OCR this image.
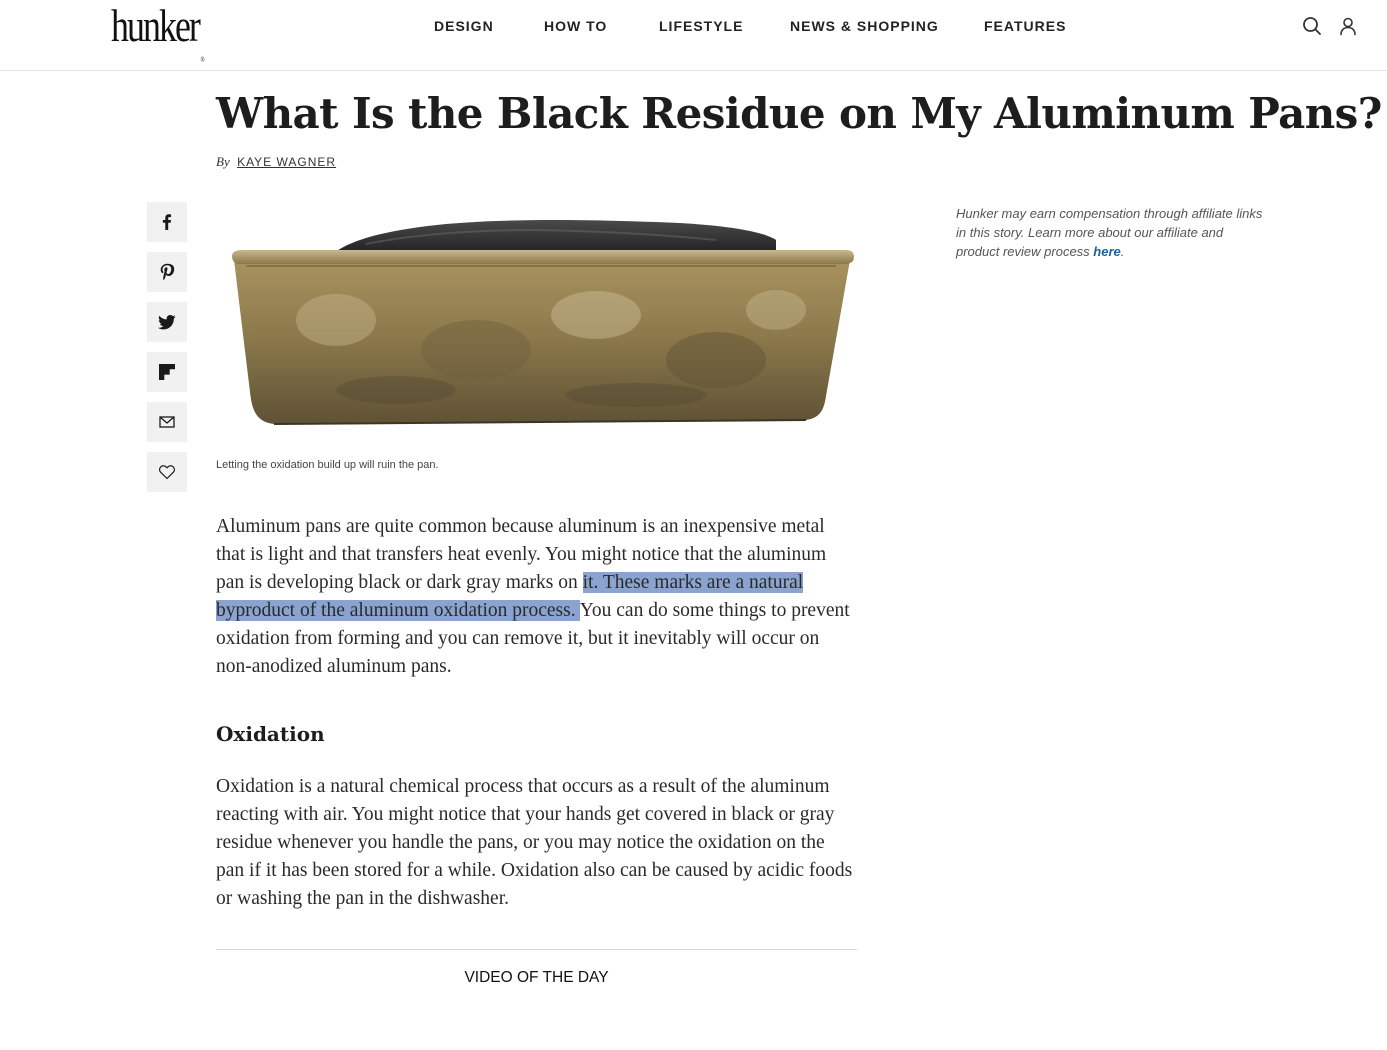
hunker®
DESIGN	HOW TO	LIFESTYLE	NEWS & SHOPPING	FEATURES
What Is the Black Residue on My Aluminum Pans?
By KAYE WAGNER
Letting the oxidation build up will ruin the pan.

Aluminum pans are quite common because aluminum is an inexpensive metal that is light and that transfers heat evenly. You might notice that the aluminum pan is developing black or dark gray marks on it. These marks are a natural byproduct of the aluminum oxidation process. You can do some things to prevent oxidation from forming and you can remove it, but it inevitably will occur on non-anodized aluminum pans.

Oxidation

Oxidation is a natural chemical process that occurs as a result of the aluminum reacting with air. You might notice that your hands get covered in black or gray residue whenever you handle the pans, or you may notice the oxidation on the pan if it has been stored for a while. Oxidation also can be caused by acidic foods or washing the pan in the dishwasher.

VIDEO OF THE DAY

Hunker may earn compensation through affiliate links in this story. Learn more about our affiliate and product review process here.
